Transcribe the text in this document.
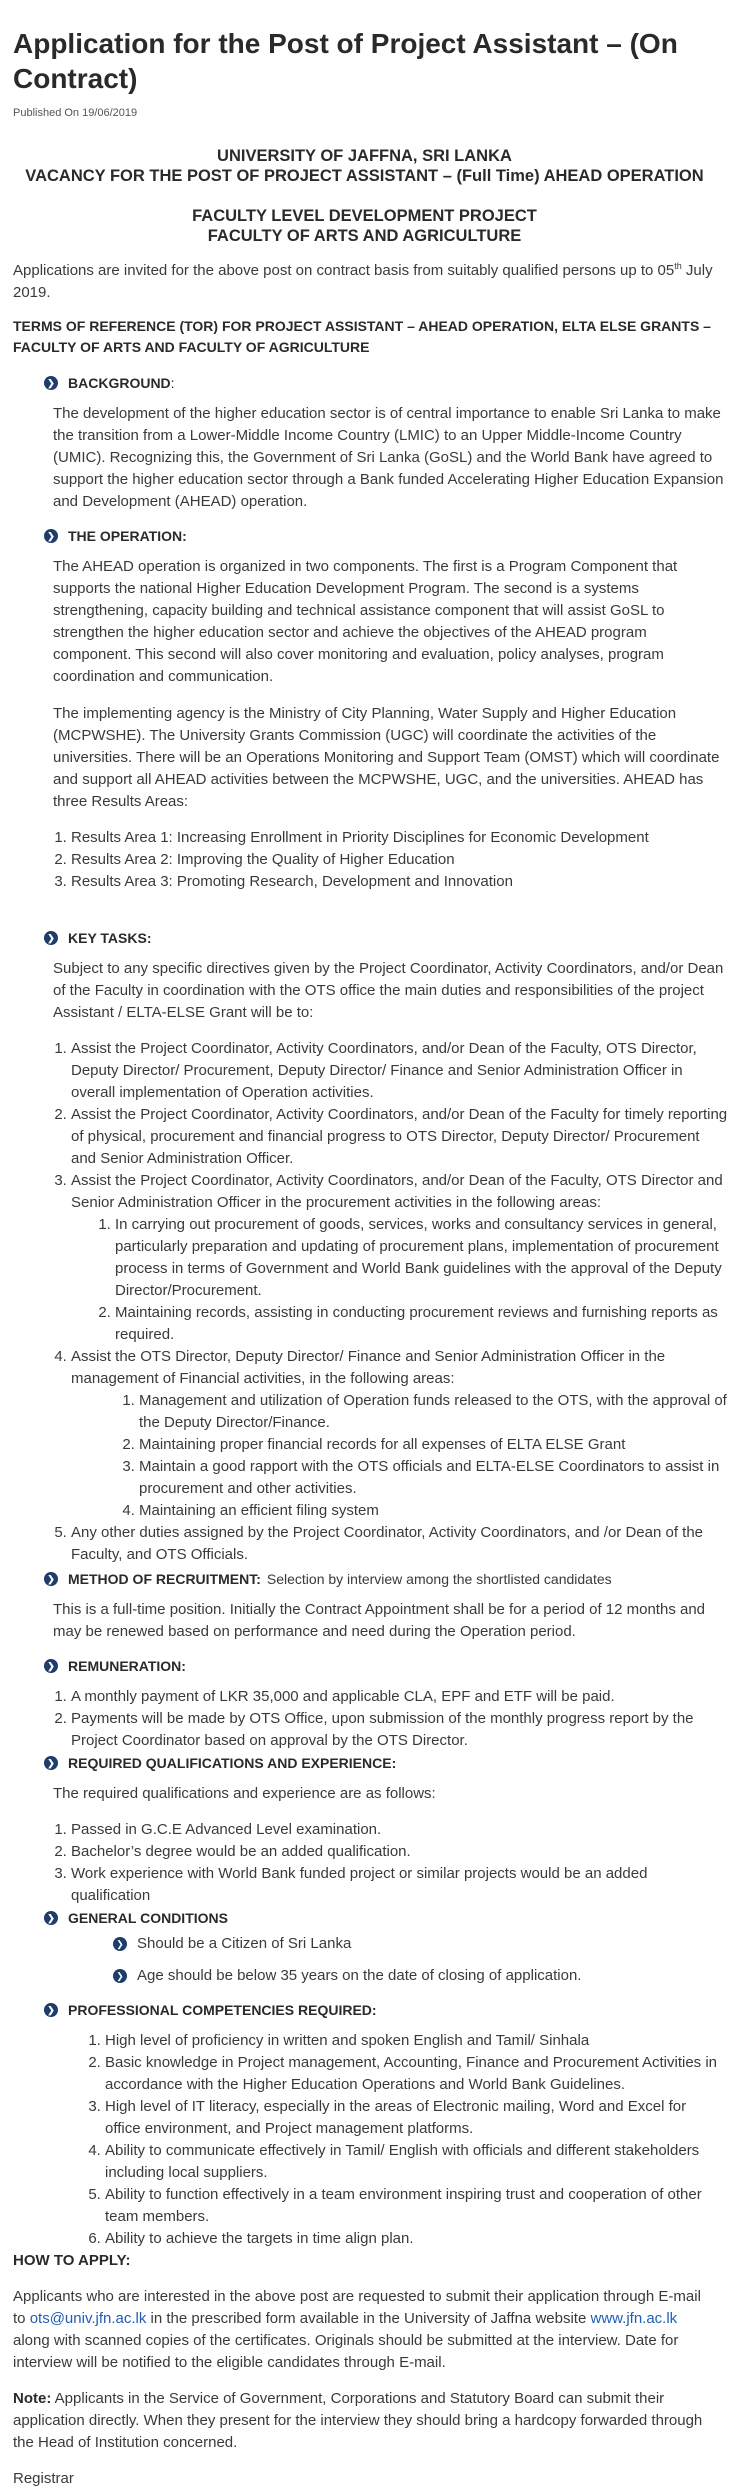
Application for the Post of Project Assistant – (On Contract)
Published On 19/06/2019
UNIVERSITY OF JAFFNA, SRI LANKA
VACANCY FOR THE POST OF PROJECT ASSISTANT – (Full Time) AHEAD OPERATION
FACULTY LEVEL DEVELOPMENT PROJECT
FACULTY OF ARTS AND AGRICULTURE

Applications are invited for the above post on contract basis from suitably qualified persons up to 05th July 2019.

TERMS OF REFERENCE (TOR) FOR PROJECT ASSISTANT – AHEAD OPERATION, ELTA ELSE GRANTS – FACULTY OF ARTS AND FACULTY OF AGRICULTURE

❯ BACKGROUND :

The development of the higher education sector is of central importance to enable Sri Lanka to make the transition from a Lower-Middle Income Country (LMIC) to an Upper Middle-Income Country (UMIC). Recognizing this, the Government of Sri Lanka (GoSL) and the World Bank have agreed to support the higher education sector through a Bank funded Accelerating Higher Education Expansion and Development (AHEAD) operation.

❯ THE OPERATION:

The AHEAD operation is organized in two components. The first is a Program Component that supports the national Higher Education Development Program. The second is a systems strengthening, capacity building and technical assistance component that will assist GoSL to strengthen the higher education sector and achieve the objectives of the AHEAD program component. This second will also cover monitoring and evaluation, policy analyses, program coordination and communication.

The implementing agency is the Ministry of City Planning, Water Supply and Higher Education (MCPWSHE). The University Grants Commission (UGC) will coordinate the activities of the universities. There will be an Operations Monitoring and Support Team (OMST) which will coordinate and support all AHEAD activities between the MCPWSHE, UGC, and the universities. AHEAD has three Results Areas:

1. Results Area 1: Increasing Enrollment in Priority Disciplines for Economic Development
2. Results Area 2: Improving the Quality of Higher Education
3. Results Area 3: Promoting Research, Development and Innovation
❯ KEY TASKS:

Subject to any specific directives given by the Project Coordinator, Activity Coordinators, and/or Dean of the Faculty in coordination with the OTS office the main duties and responsibilities of the project Assistant / ELTA-ELSE Grant will be to:

1. Assist the Project Coordinator, Activity Coordinators, and/or Dean of the Faculty, OTS Director, Deputy Director/ Procurement, Deputy Director/ Finance and Senior Administration Officer in overall implementation of Operation activities.
2. Assist the Project Coordinator, Activity Coordinators, and/or Dean of the Faculty for timely reporting of physical, procurement and financial progress to OTS Director, Deputy Director/ Procurement and Senior Administration Officer.
3. Assist the Project Coordinator, Activity Coordinators, and/or Dean of the Faculty, OTS Director and Senior Administration Officer in the procurement activities in the following areas:
1. In carrying out procurement of goods, services, works and consultancy services in general, particularly preparation and updating of procurement plans, implementation of procurement process in terms of Government and World Bank guidelines with the approval of the Deputy Director/Procurement.
2. Maintaining records, assisting in conducting procurement reviews and furnishing reports as required.
4. Assist the OTS Director, Deputy Director/ Finance and Senior Administration Officer in the management of Financial activities, in the following areas:
1. Management and utilization of Operation funds released to the OTS, with the approval of the Deputy Director/Finance.
2. Maintaining proper financial records for all expenses of ELTA ELSE Grant
3. Maintain a good rapport with the OTS officials and ELTA-ELSE Coordinators to assist in procurement and other activities.
4. Maintaining an efficient filing system
5. Any other duties assigned by the Project Coordinator, Activity Coordinators, and /or Dean of the Faculty, and OTS Officials.
❯ METHOD OF RECRUITMENT: Selection by interview among the shortlisted candidates

This is a full-time position. Initially the Contract Appointment shall be for a period of 12 months and may be renewed based on performance and need during the Operation period.

❯ REMUNERATION:
1. A monthly payment of LKR 35,000 and applicable CLA, EPF and ETF will be paid.
2. Payments will be made by OTS Office, upon submission of the monthly progress report by the Project Coordinator based on approval by the OTS Director.
❯ REQUIRED QUALIFICATIONS AND EXPERIENCE:

The required qualifications and experience are as follows:

1. Passed in G.C.E Advanced Level examination.
2. Bachelor’s degree would be an added qualification.
3. Work experience with World Bank funded project or similar projects would be an added qualification
❯ GENERAL CONDITIONS
❯ Should be a Citizen of Sri Lanka
❯ Age should be below 35 years on the date of closing of application.
❯ PROFESSIONAL COMPETENCIES REQUIRED:
1. High level of proficiency in written and spoken English and Tamil/ Sinhala
2. Basic knowledge in Project management, Accounting, Finance and Procurement Activities in accordance with the Higher Education Operations and World Bank Guidelines.
3. High level of IT literacy, especially in the areas of Electronic mailing, Word and Excel for office environment, and Project management platforms.
4. Ability to communicate effectively in Tamil/ English with officials and different stakeholders including local suppliers.
5. Ability to function effectively in a team environment inspiring trust and cooperation of other team members.
6. Ability to achieve the targets in time align plan.

HOW TO APPLY:

Applicants who are interested in the above post are requested to submit their application through E-mail to ots@univ.jfn.ac.lk in the prescribed form available in the University of Jaffna website www.jfn.ac.lk along with scanned copies of the certificates. Originals should be submitted at the interview. Date for interview will be notified to the eligible candidates through E-mail.

Note: Applicants in the Service of Government, Corporations and Statutory Board can submit their application directly. When they present for the interview they should bring a hardcopy forwarded through the Head of Institution concerned.

Registrar
